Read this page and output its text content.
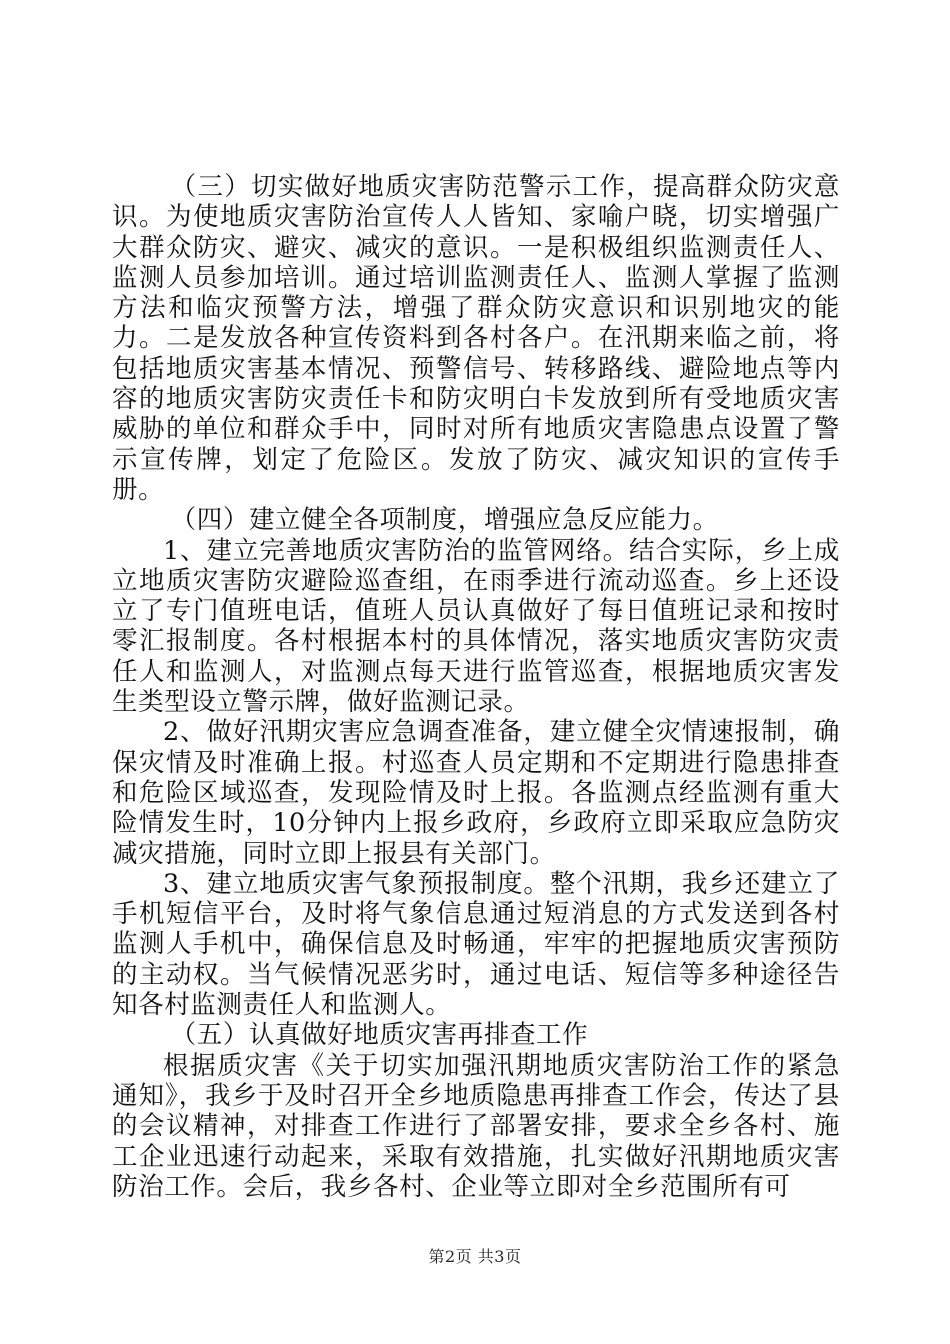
（三）切实做好地质灾害防范警示工作，提高群众防灾意识。为使地质灾害防治宣传人人皆知、家喻户晓，切实增强广大群众防灾、避灾、减灾的意识。一是积极组织监测责任人、监测人员参加培训。通过培训监测责任人、监测人掌握了监测方法和临灾预警方法，增强了群众防灾意识和识别地灾的能力。二是发放各种宣传资料到各村各户。在汛期来临之前，将包括地质灾害基本情况、预警信号、转移路线、避险地点等内容的地质灾害防灾责任卡和防灾明白卡发放到所有受地质灾害威胁的单位和群众手中，同时对所有地质灾害隐患点设置了警示宣传牌，划定了危险区。发放了防灾、减灾知识的宣传手册。

（四）建立健全各项制度，增强应急反应能力。

1、建立完善地质灾害防治的监管网络。结合实际，乡上成立地质灾害防灾避险巡查组，在雨季进行流动巡查。乡上还设立了专门值班电话，值班人员认真做好了每日值班记录和按时零汇报制度。各村根据本村的具体情况，落实地质灾害防灾责任人和监测人，对监测点每天进行监管巡查，根据地质灾害发生类型设立警示牌，做好监测记录。

2、做好汛期灾害应急调查准备，建立健全灾情速报制，确保灾情及时准确上报。村巡查人员定期和不定期进行隐患排查和危险区域巡查，发现险情及时上报。各监测点经监测有重大险情发生时，10分钟内上报乡政府，乡政府立即采取应急防灾减灾措施，同时立即上报县有关部门。

3、建立地质灾害气象预报制度。整个汛期，我乡还建立了手机短信平台，及时将气象信息通过短消息的方式发送到各村监测人手机中，确保信息及时畅通，牢牢的把握地质灾害预防的主动权。当气候情况恶劣时，通过电话、短信等多种途径告知各村监测责任人和监测人。

（五）认真做好地质灾害再排查工作

根据质灾害《关于切实加强汛期地质灾害防治工作的紧急通知》，我乡于及时召开全乡地质隐患再排查工作会，传达了县的会议精神，对排查工作进行了部署安排，要求全乡各村、施工企业迅速行动起来，采取有效措施，扎实做好汛期地质灾害防治工作。会后，我乡各村、企业等立即对全乡范围所有可

第2页 共3页
